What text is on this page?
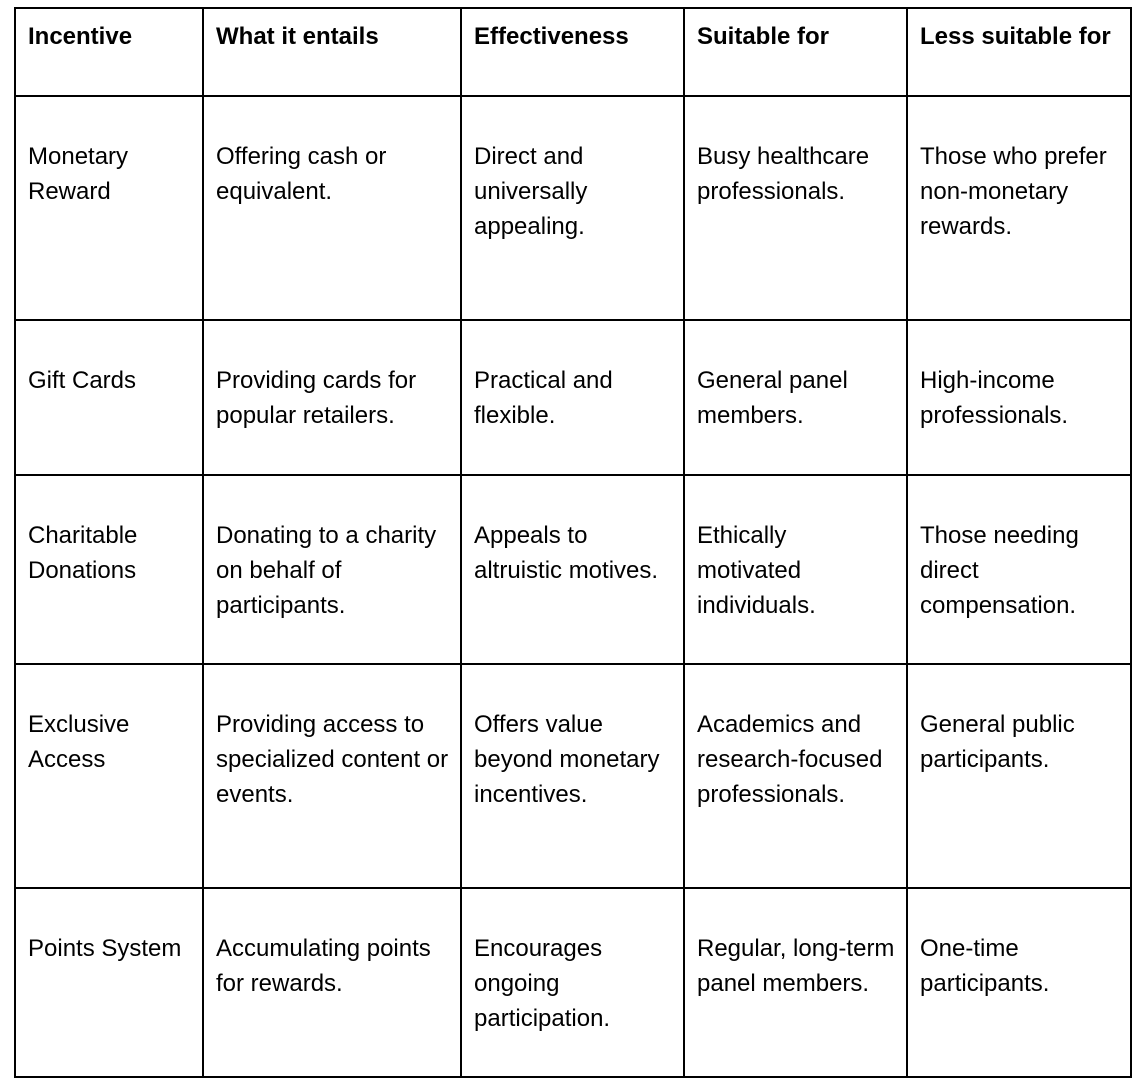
Incentive	What it entails	Effectiveness	Suitable for	Less suitable for
Monetary Reward	Offering cash or equivalent.	Direct and universally appealing.	Busy healthcare professionals.	Those who prefer non-monetary rewards.
Gift Cards	Providing cards for popular retailers.	Practical and flexible.	General panel members.	High-income professionals.
Charitable Donations	Donating to a charity on behalf of participants.	Appeals to altruistic motives.	Ethically motivated individuals.	Those needing direct compensation.
Exclusive Access	Providing access to specialized content or events.	Offers value beyond monetary incentives.	Academics and research-focused professionals.	General public participants.
Points System	Accumulating points for rewards.	Encourages ongoing participation.	Regular, long-term panel members.	One-time participants.
